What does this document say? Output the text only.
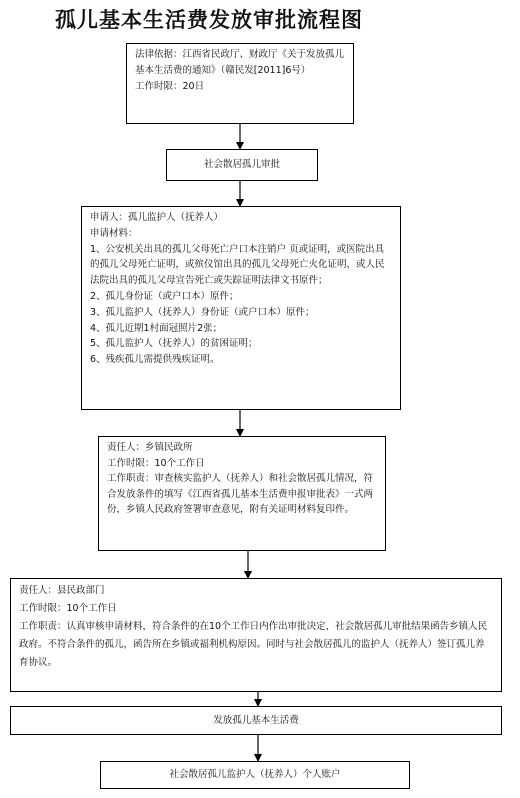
孤儿基本生活费发放审批流程图
法律依据：江西省民政厅、财政厅《关于发放孤儿基本生活费的通知》（赣民发[2011]6号）
工作时限：20日
社会散居孤儿审批
申请人：孤儿监护人（抚养人）
申请材料：
1、公安机关出具的孤儿父母死亡户口本注销户 页或证明，或医院出具的孤儿父母死亡证明，或殡仪馆出具的孤儿父母死亡火化证明，或人民法院出具的孤儿父母宣告死亡或失踪证明法律文书原件；
2、孤儿身份证（或户口本）原件；
3、孤儿监护人（抚养人）身份证（或户口本）原件；
4、孤儿近期1村面冠照片2张；
5、孤儿监护人（抚养人）的贫困证明；
6、残疾孤儿需提供残疾证明。
责任人：乡镇民政所
工作时限：10个工作日
工作职责：审查核实监护人（抚养人）和社会散居孤儿情况，符合发放条件的填写《江西省孤儿基本生活费申报审批表》一式两份，乡镇人民政府签署审查意见，附有关证明材料复印件。
责任人：县民政部门
工作时限：10个工作日
工作职责：认真审核申请材料，符合条件的在10个工作日内作出审批决定，社会散居孤儿审批结果函告乡镇人民政府。不符合条件的孤儿，函告所在乡镇或福利机构原因。同时与社会散居孤儿的监护人（抚养人）签订孤儿养育协议。
发放孤儿基本生活费
社会散居孤儿监护人（抚养人）个人账户
